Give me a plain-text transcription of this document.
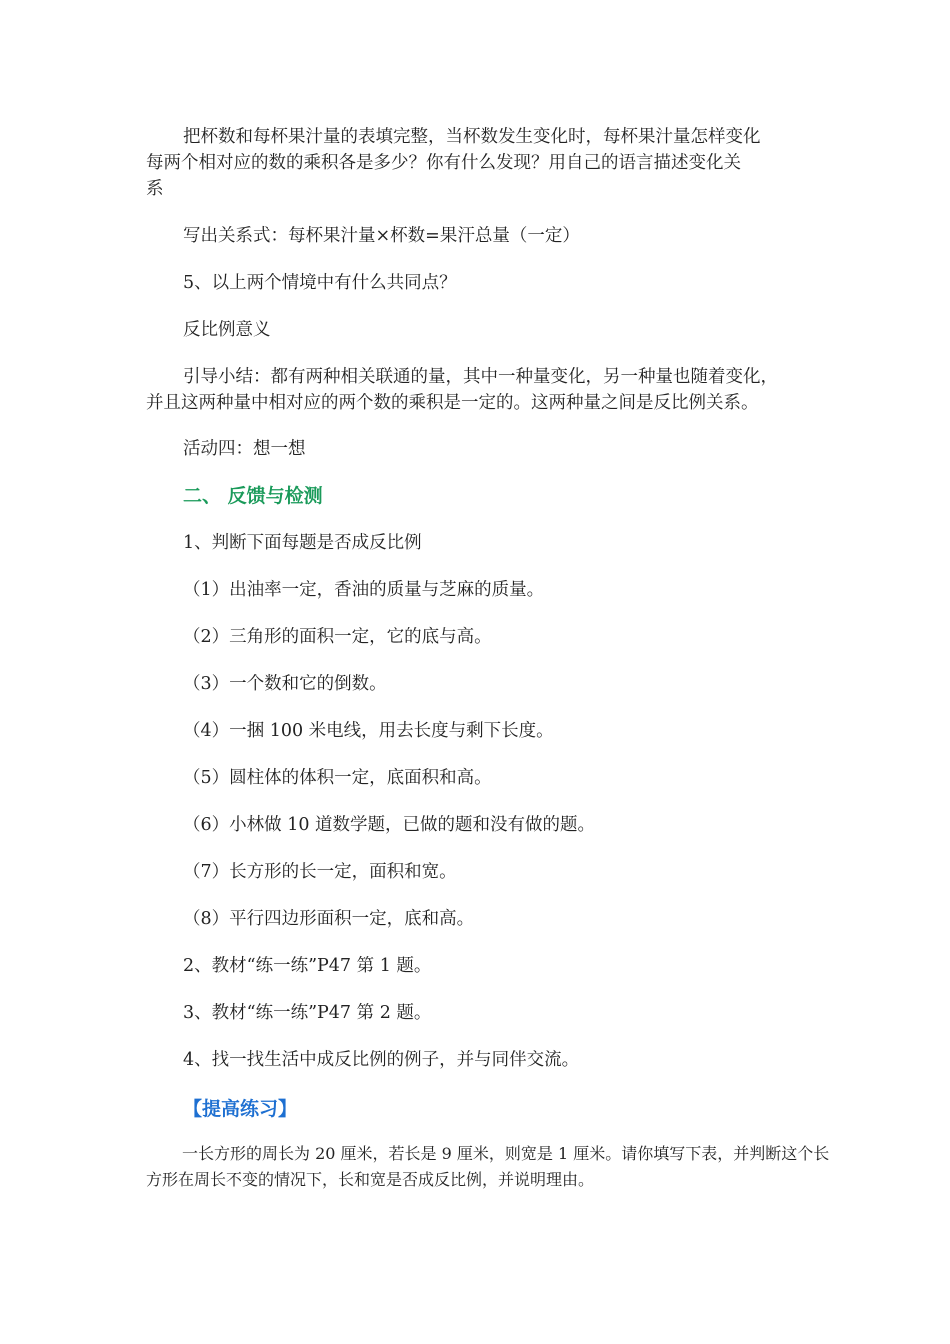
把杯数和每杯果汁量的表填完整，当杯数发生变化时，每杯果汁量怎样变化
每两个相对应的数的乘积各是多少？你有什么发现？用自己的语言描述变化关
系
写出关系式：每杯果汁量×杯数=果汗总量（一定）
5、以上两个情境中有什么共同点？
反比例意义
引导小结：都有两种相关联通的量，其中一种量变化，另一种量也随着变化，
并且这两种量中相对应的两个数的乘积是一定的。这两种量之间是反比例关系。
活动四：想一想
二、 反馈与检测
1、判断下面每题是否成反比例
（1）出油率一定，香油的质量与芝麻的质量。
（2）三角形的面积一定，它的底与高。
（3）一个数和它的倒数。
（4）一捆 100 米电线，用去长度与剩下长度。
（5）圆柱体的体积一定，底面积和高。
（6）小林做 10 道数学题，已做的题和没有做的题。
（7）长方形的长一定，面积和宽。
（8）平行四边形面积一定，底和高。
2、教材“练一练”P47 第 1 题。
3、教材“练一练”P47 第 2 题。
4、找一找生活中成反比例的例子，并与同伴交流。
【提高练习】
一长方形的周长为 20 厘米，若长是 9 厘米，则宽是 1 厘米。请你填写下表，并判断这个长
方形在周长不变的情况下，长和宽是否成反比例，并说明理由。
